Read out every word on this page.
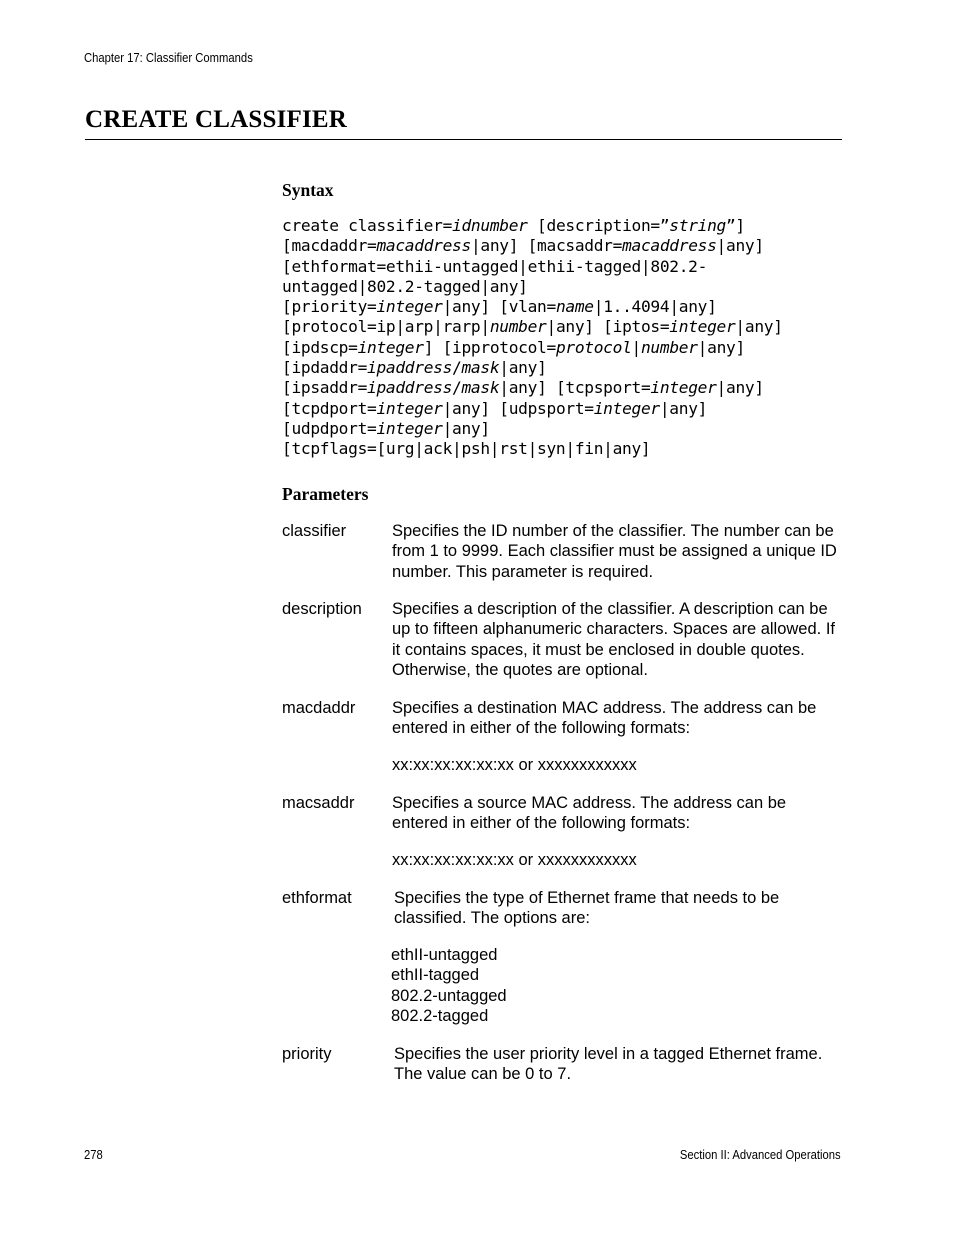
Chapter 17: Classifier Commands
CREATE CLASSIFIER
Syntax
create classifier=idnumber [description=”string”]
[macdaddr=macaddress|any] [macsaddr=macaddress|any]
[ethformat=ethii-untagged|ethii-tagged|802.2-
untagged|802.2-tagged|any]
[priority=integer|any] [vlan=name|1..4094|any]
[protocol=ip|arp|rarp|number|any] [iptos=integer|any]
[ipdscp=integer] [ipprotocol=protocol|number|any]
[ipdaddr=ipaddress/mask|any]
[ipsaddr=ipaddress/mask|any] [tcpsport=integer|any]
[tcpdport=integer|any] [udpsport=integer|any]
[udpdport=integer|any]
[tcpflags=[urg|ack|psh|rst|syn|fin|any]
Parameters
classifier	Specifies the ID number of the classifier. The number can be from 1 to 9999. Each classifier must be assigned a unique ID number. This parameter is required.
description Specifies a description of the classifier. A description can be up to fifteen alphanumeric characters. Spaces are allowed. If it contains spaces, it must be enclosed in double quotes. Otherwise, the quotes are optional.
macdaddr Specifies a destination MAC address. The address can be entered in either of the following formats:
xx:xx:xx:xx:xx:xx or xxxxxxxxxxxx
macsaddr Specifies a source MAC address. The address can be entered in either of the following formats:
xx:xx:xx:xx:xx:xx or xxxxxxxxxxxx
ethformat	Specifies the type of Ethernet frame that needs to be classified. The options are:
ethII-untagged
ethII-tagged
802.2-untagged
802.2-tagged
priority	Specifies the user priority level in a tagged Ethernet frame. The value can be 0 to 7.
278	Section II: Advanced Operations
